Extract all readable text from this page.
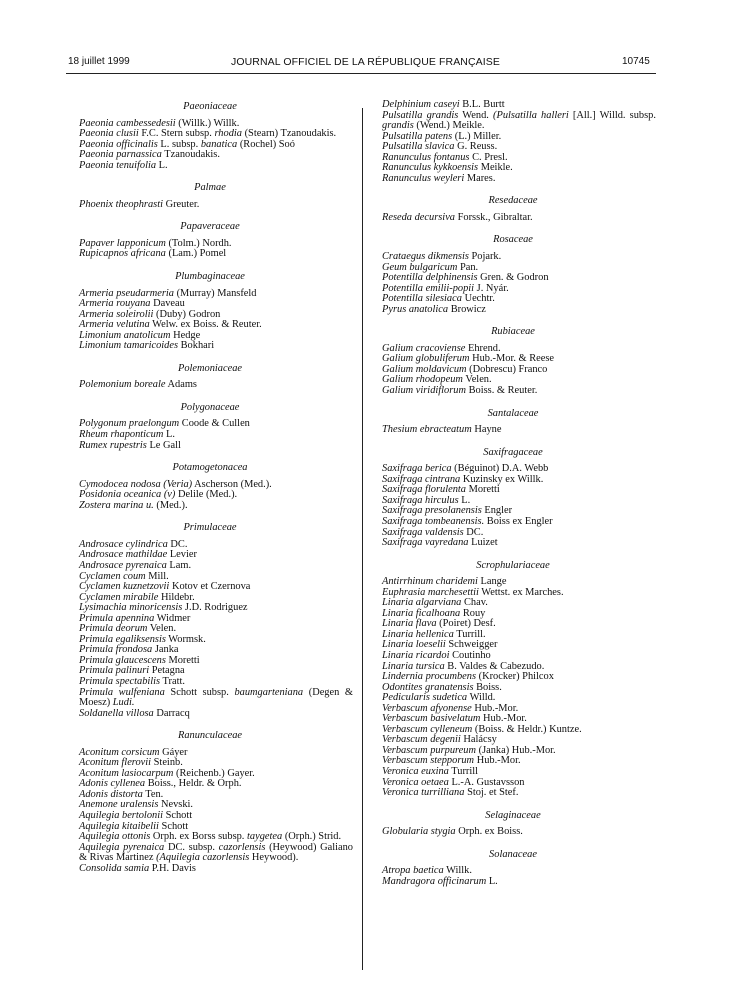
18 juillet 1999	JOURNAL OFFICIEL DE LA RÉPUBLIQUE FRANÇAISE	10745
Paeoniaceae
Paeonia cambessedesii (Willk.) Willk.
Paeonia clusii F.C. Stern subsp. rhodia (Stearn) Tzanoudakis.
Paeonia officinalis L. subsp. banatica (Rochel) Soó
Paeonia parnassica Tzanoudakis.
Paeonia tenuifolia L.
Palmae
Phoenix theophrasti Greuter.
Papaveraceae
Papaver lapponicum (Tolm.) Nordh.
Rupicapnos africana (Lam.) Pomel
Plumbaginaceae
Armeria pseudarmeria (Murray) Mansfeld
Armeria rouyana Daveau
Armeria soleirolii (Duby) Godron
Armeria velutina Welw. ex Boiss. & Reuter.
Limonium anatolicum Hedge
Limonium tamaricoides Bokhari
Polemoniaceae
Polemonium boreale Adams
Polygonaceae
Polygonum praelongum Coode & Cullen
Rheum rhaponticum L.
Rumex rupestris Le Gall
Potamogetonacea
Cymodocea nodosa (Veria) Ascherson (Med.).
Posidonia oceanica (v) Delile (Med.).
Zostera marina u. (Med.).
Primulaceae
Androsace cylindrica DC.
Androsace mathildae Levier
Androsace pyrenaica Lam.
Cyclamen coum Mill.
Cyclamen kuznetzovii Kotov et Czernova
Cyclamen mirabile Hildebr.
Lysimachia minoricensis J.D. Rodriguez
Primula apennina Widmer
Primula deorum Velen.
Primula egaliksensis Wormsk.
Primula frondosa Janka
Primula glaucescens Moretti
Primula palinuri Petagna
Primula spectabilis Tratt.
Primula wulfeniana Schott subsp. baumgarteniana (Degen & Moesz) Ludi.
Soldanella villosa Darracq
Ranunculaceae
Aconitum corsicum Gáyer
Aconitum flerovii Steinb.
Aconitum lasiocarpum (Reichenb.) Gayer.
Adonis cyllenea Boiss., Heldr. & Orph.
Adonis distorta Ten.
Anemone uralensis Nevski.
Aquilegia bertolonii Schott
Aquilegia kitaibelii Schott
Aquilegia ottonis Orph. ex Borss subsp. taygetea (Orph.) Strid.
Aquilegia pyrenaica DC. subsp. cazorlensis (Heywood) Galiano & Rivas Martinez (Aquilegia cazorlensis Heywood).
Consolida samia P.H. Davis
Delphinium caseyi B.L. Burtt
Pulsatilla grandis Wend. (Pulsatilla halleri [All.] Willd. subsp. grandis (Wend.) Meikle.
Pulsatilla patens (L.) Miller.
Pulsatilla slavica G. Reuss.
Ranunculus fontanus C. Presl.
Ranunculus kykkoensis Meikle.
Ranunculus weyleri Mares.
Resedaceae
Reseda decursiva Forssk., Gibraltar.
Rosaceae
Crataegus dikmensis Pojark.
Geum bulgaricum Pan.
Potentilla delphinensis Gren. & Godron
Potentilla emilii-popii J. Nyár.
Potentilla silesiaca Uechtr.
Pyrus anatolica Browicz
Rubiaceae
Galium cracoviense Ehrend.
Galium globuliferum Hub.-Mor. & Reese
Galium moldavicum (Dobrescu) Franco
Galium rhodopeum Velen.
Galium viridiflorum Boiss. & Reuter.
Santalaceae
Thesium ebracteatum Hayne
Saxifragaceae
Saxifraga berica (Béguinot) D.A. Webb
Saxifraga cintrana Kuzinsky ex Willk.
Saxifraga florulenta Moretti
Saxifraga hirculus L.
Saxifraga presolanensis Engler
Saxifraga tombeanensis. Boiss ex Engler
Saxifraga valdensis DC.
Saxifraga vayredana Luizet
Scrophulariaceae
Antirrhinum charidemi Lange
Euphrasia marchesettii Wettst. ex Marches.
Linaria algarviana Chav.
Linaria ficalhoana Rouy
Linaria flava (Poiret) Desf.
Linaria hellenica Turrill.
Linaria loeselii Schweigger
Linaria ricardoi Coutinho
Linaria tursica B. Valdes & Cabezudo.
Lindernia procumbens (Krocker) Philcox
Odontites granatensis Boiss.
Pedicularis sudetica Willd.
Verbascum afyonense Hub.-Mor.
Verbascum basivelatum Hub.-Mor.
Verbascum cylleneum (Boiss. & Heldr.) Kuntze.
Verbascum degenii Halácsy
Verbascum purpureum (Janka) Hub.-Mor.
Verbascum stepporum Hub.-Mor.
Veronica euxina Turrill
Veronica oetaea L.-A. Gustavsson
Veronica turrilliana Stoj. et Stef.
Selaginaceae
Globularia stygia Orph. ex Boiss.
Solanaceae
Atropa baetica Willk.
Mandragora officinarum L.
